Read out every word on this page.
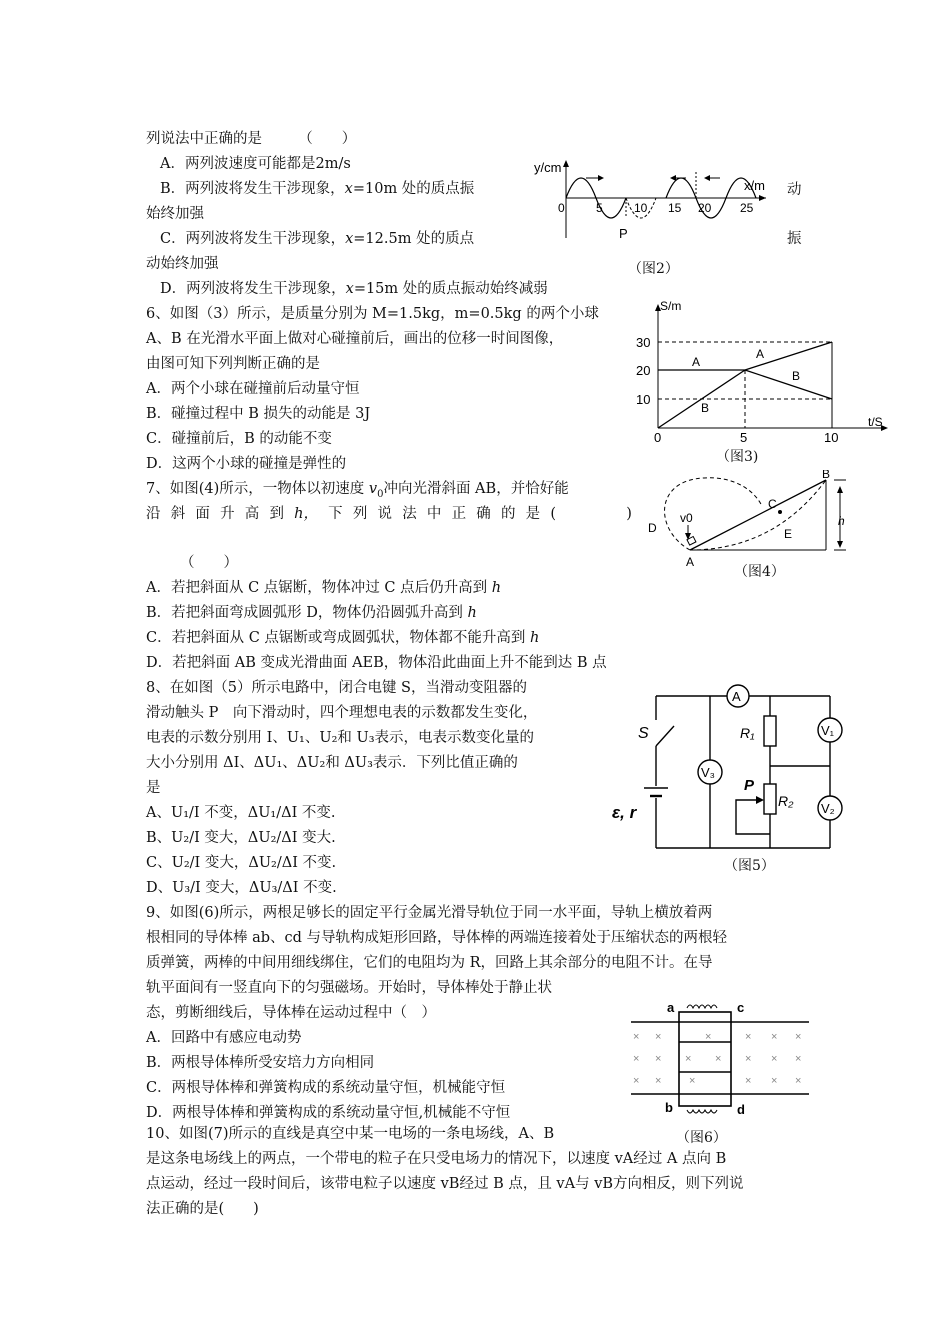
列说法中正确的是　　　（　　）
A．两列波速度可能都是2m/s
B．两列波将发生干涉现象，x=10m 处的质点振
始终加强
C．两列波将发生干涉现象，x=12.5m 处的质点
动始终加强
D．两列波将发生干涉现象，x=15m 处的质点振动始终减弱
动
振
y/cm
x/m
0	5	10 15 20 25
P
（图2）
6、如图（3）所示，是质量分别为 M=1.5kg，m=0.5kg 的两个小球
A、B 在光滑水平面上做对心碰撞前后，画出的位移一时间图像，
由图可知下列判断正确的是
A．两个小球在碰撞前后动量守恒
B．碰撞过程中 B 损失的动能是 3J
C．碰撞前后，B 的动能不变
D．这两个小球的碰撞是弹性的
S/m
t/S
30
20
10
0	5	10
A
A
B
B
（图3)
7、如图(4)所示，一物体以初速度 $v_0$冲向光滑斜面 AB，并恰好能
沿 斜 面 升 高 到 h， 下 列 说 法 中 正 确 的 是 (	)
（　　）
A．若把斜面从 C 点锯断，物体冲过 C 点后仍升高到 h
B．若把斜面弯成圆弧形 D，物体仍沿圆弧升高到 h
C．若把斜面从 C 点锯断或弯成圆弧状，物体都不能升高到 h
D．若把斜面 AB 变成光滑曲面 AEB，物体沿此曲面上升不能到达 B 点
B
C
D
v0
E
h
A
（图4）
8、在如图（5）所示电路中，闭合电键 S，当滑动变阻器的
滑动触头 P　向下滑动时，四个理想电表的示数都发生变化，
电表的示数分别用 I、U₁、U₂和 U₃表示，电表示数变化量的
大小分别用 ΔI、ΔU₁、ΔU₂和 ΔU₃表示．下列比值正确的
是
A、U₁/I 不变，ΔU₁/ΔI 不变.
B、U₂/I 变大，ΔU₂/ΔI 变大.
C、U₂/I 变大，ΔU₂/ΔI 不变.
D、U₃/I 变大，ΔU₃/ΔI 不变.
A
S	R₁	V₁
V₃
ε, r
P
R₂ V₂
（图5）
9、如图(6)所示，两根足够长的固定平行金属光滑导轨位于同一水平面，导轨上横放着两
根相同的导体棒 ab、cd 与导轨构成矩形回路，导体棒的两端连接着处于压缩状态的两根轻
质弹簧，两棒的中间用细线绑住，它们的电阻均为 R，回路上其余部分的电阻不计。在导
轨平面间有一竖直向下的匀强磁场。开始时，导体棒处于静止状
态，剪断细线后，导体棒在运动过程中（　）
A．回路中有感应电动势
B．两根导体棒所受安培力方向相同
C．两根导体棒和弹簧构成的系统动量守恒，机械能守恒
D．两根导体棒和弹簧构成的系统动量守恒,机械能不守恒
× ×	×	× × ×
× × × × × × ×
× ×	×	× × ×
a	c
b	d
（图6）
10、如图(7)所示的直线是真空中某一电场的一条电场线，A、B
是这条电场线上的两点，一个带电的粒子在只受电场力的情况下，以速度 vA经过 A 点向 B
点运动，经过一段时间后，该带电粒子以速度 vB经过 B 点，且 vA与 vB方向相反，则下列说
法正确的是(　　)
